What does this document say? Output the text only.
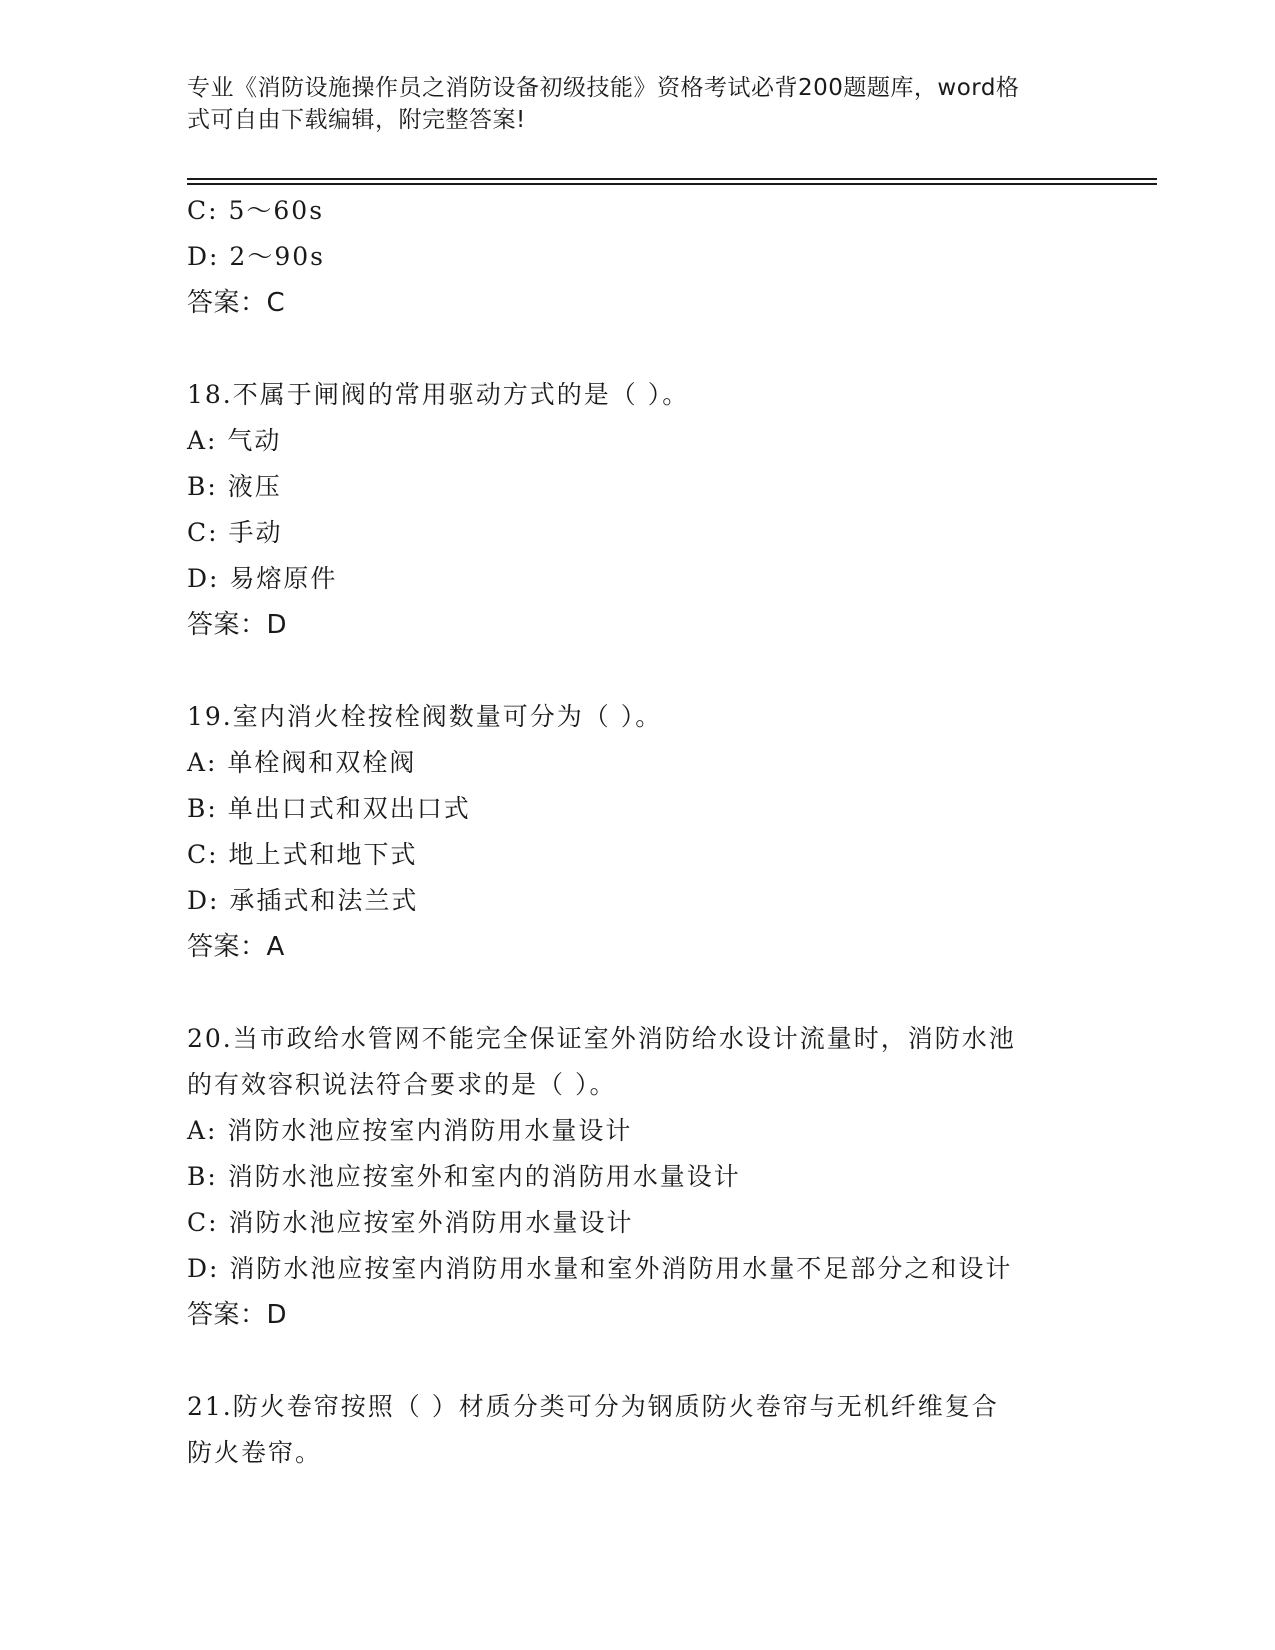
专业《消防设施操作员之消防设备初级技能》资格考试必背200题题库，word格
式可自由下载编辑，附完整答案!
C: 5～60s
D: 2～90s
答案：C
18.不属于闸阀的常用驱动方式的是（ ）。
A: 气动
B: 液压
C: 手动
D: 易熔原件
答案：D
19.室内消火栓按栓阀数量可分为（ ）。
A: 单栓阀和双栓阀
B: 单出口式和双出口式
C: 地上式和地下式
D: 承插式和法兰式
答案：A
20.当市政给水管网不能完全保证室外消防给水设计流量时，消防水池
的有效容积说法符合要求的是（ ）。
A: 消防水池应按室内消防用水量设计
B: 消防水池应按室外和室内的消防用水量设计
C: 消防水池应按室外消防用水量设计
D: 消防水池应按室内消防用水量和室外消防用水量不足部分之和设计
答案：D
21.防火卷帘按照（ ）材质分类可分为钢质防火卷帘与无机纤维复合
防火卷帘。
